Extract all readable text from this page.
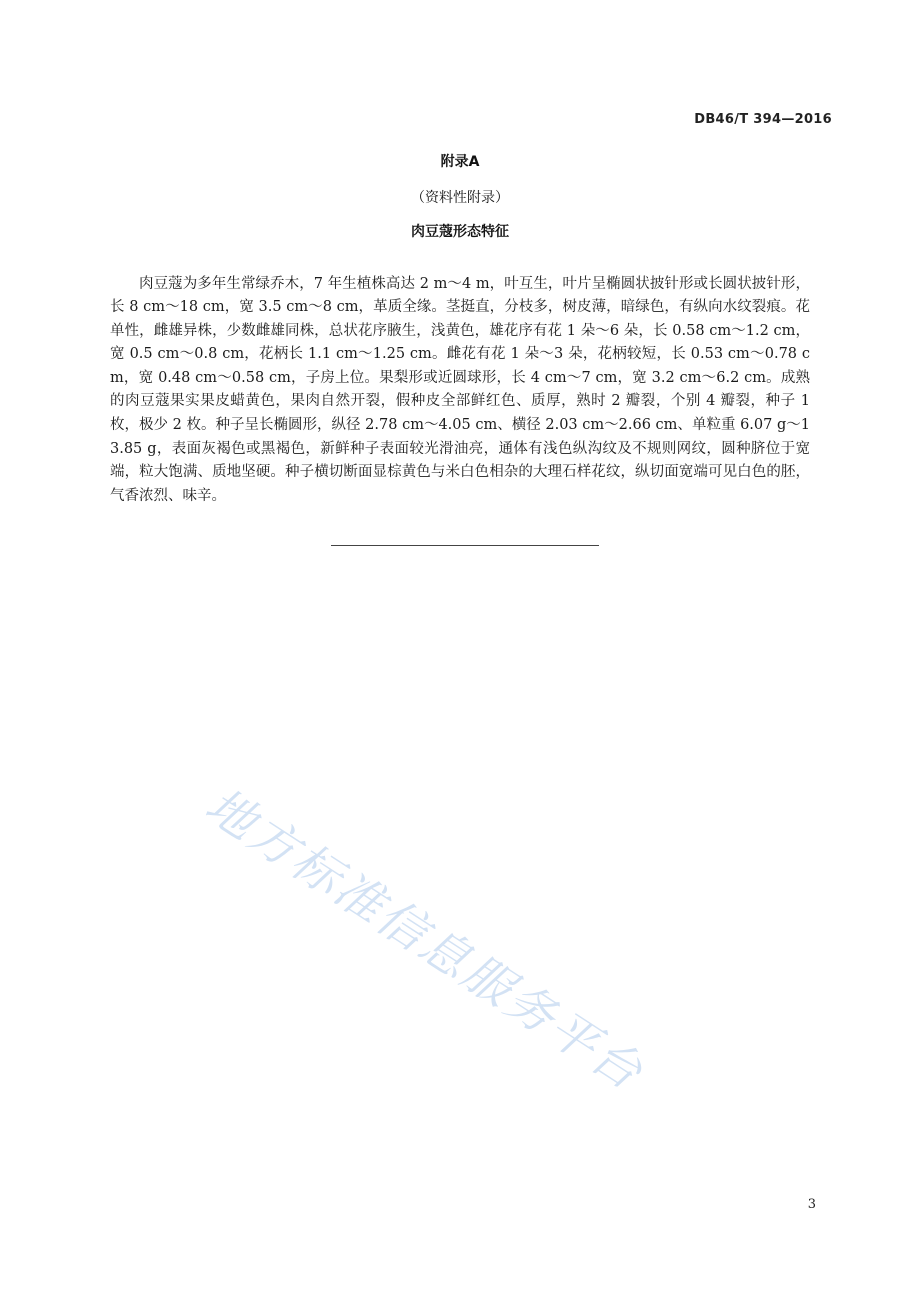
DB46/T 394—2016
附录A
（资料性附录）
肉豆蔻形态特征

肉豆蔻为多年生常绿乔木，7 年生植株高达 2 m～4 m，叶互生，叶片呈椭圆状披针形或长圆状披针形，长 8 cm～18 cm，宽 3.5 cm～8 cm，革质全缘。茎挺直，分枝多，树皮薄，暗绿色，有纵向水纹裂痕。花单性，雌雄异株，少数雌雄同株，总状花序腋生，浅黄色，雄花序有花 1 朵～6 朵，长 0.58 cm～1.2 cm，宽 0.5 cm～0.8 cm，花柄长 1.1 cm～1.25 cm。雌花有花 1 朵～3 朵，花柄较短，长 0.53 cm～0.78 cm，宽 0.48 cm～0.58 cm，子房上位。果梨形或近圆球形，长 4 cm～7 cm，宽 3.2 cm～6.2 cm。成熟的肉豆蔻果实果皮蜡黄色，果肉自然开裂，假种皮全部鲜红色、质厚，熟时 2 瓣裂，个别 4 瓣裂，种子 1 枚，极少 2 枚。种子呈长椭圆形，纵径 2.78 cm～4.05 cm、横径 2.03 cm～2.66 cm、单粒重 6.07 g～13.85 g，表面灰褐色或黑褐色，新鲜种子表面较光滑油亮，通体有浅色纵沟纹及不规则网纹，圆种脐位于宽端，粒大饱满、质地坚硬。种子横切断面显棕黄色与米白色相杂的大理石样花纹，纵切面宽端可见白色的胚，气香浓烈、味辛。

地方标准信息服务平台
3
